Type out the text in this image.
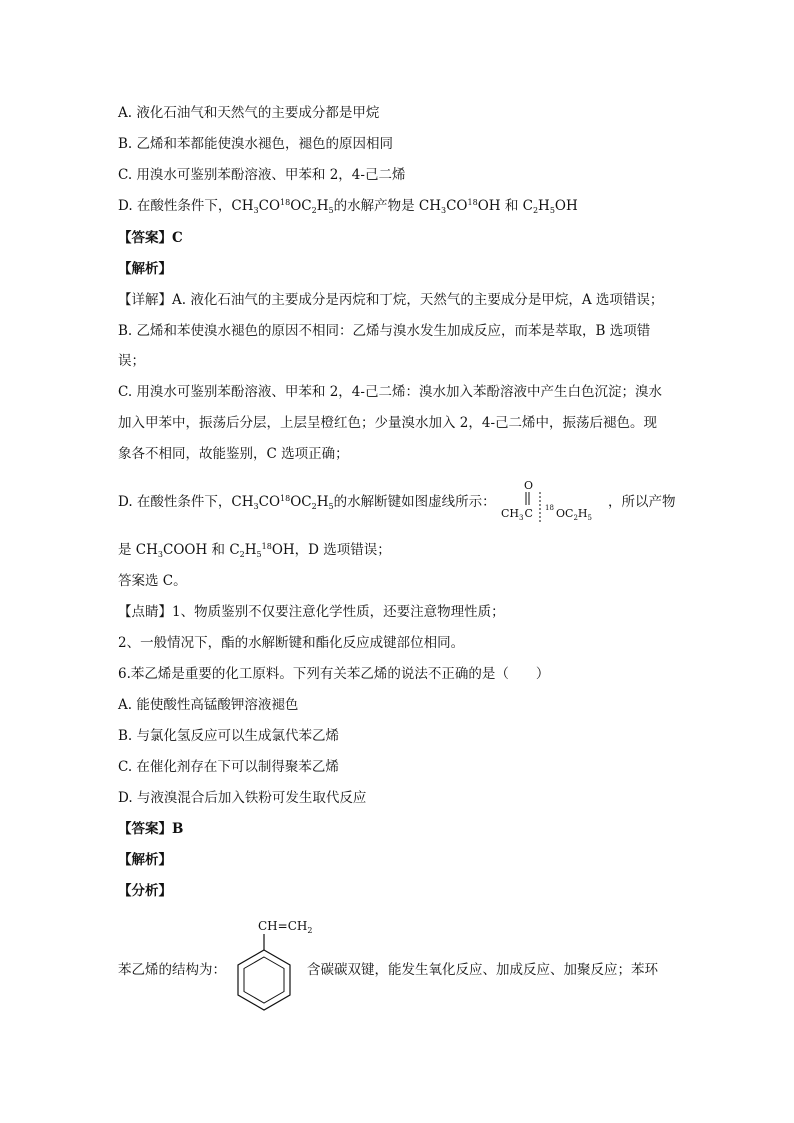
A. 液化石油气和天然气的主要成分都是甲烷
B. 乙烯和苯都能使溴水褪色，褪色的原因相同
C. 用溴水可鉴别苯酚溶液、甲苯和 2，4-己二烯
D. 在酸性条件下，$CH_3CO^{18}OC_2H_5$的水解产物是 $CH_3CO^{18}OH$ 和 $C_2H_5OH$
【答案】C
【解析】
【详解】A. 液化石油气的主要成分是丙烷和丁烷，天然气的主要成分是甲烷，A 选项错误；
B. 乙烯和苯使溴水褪色的原因不相同：乙烯与溴水发生加成反应，而苯是萃取，B 选项错
误；
C. 用溴水可鉴别苯酚溶液、甲苯和 2，4-己二烯：溴水加入苯酚溶液中产生白色沉淀；溴水
加入甲苯中，振荡后分层，上层呈橙红色；少量溴水加入 2，4-己二烯中，振荡后褪色。现
象各不相同，故能鉴别，C 选项正确；
D. 在酸性条件下，$CH_3CO^{18}OC_2H_5$的水解断键如图虚线所示：
O
$CH_3C$ 18 $OC_2H_5$
，所以产物
是 $CH_3COOH$ 和 $C_2H_5^{18}OH$，D 选项错误；
答案选 C。
【点睛】1、物质鉴别不仅要注意化学性质，还要注意物理性质；
2、一般情况下，酯的水解断键和酯化反应成键部位相同。
6.苯乙烯是重要的化工原料。下列有关苯乙烯的说法不正确的是（　　）
A. 能使酸性高锰酸钾溶液褪色
B. 与氯化氢反应可以生成氯代苯乙烯
C. 在催化剂存在下可以制得聚苯乙烯
D. 与液溴混合后加入铁粉可发生取代反应
【答案】B
【解析】
【分析】
苯乙烯的结构为：
$CH=CH_2$
含碳碳双键，能发生氧化反应、加成反应、加聚反应；苯环
